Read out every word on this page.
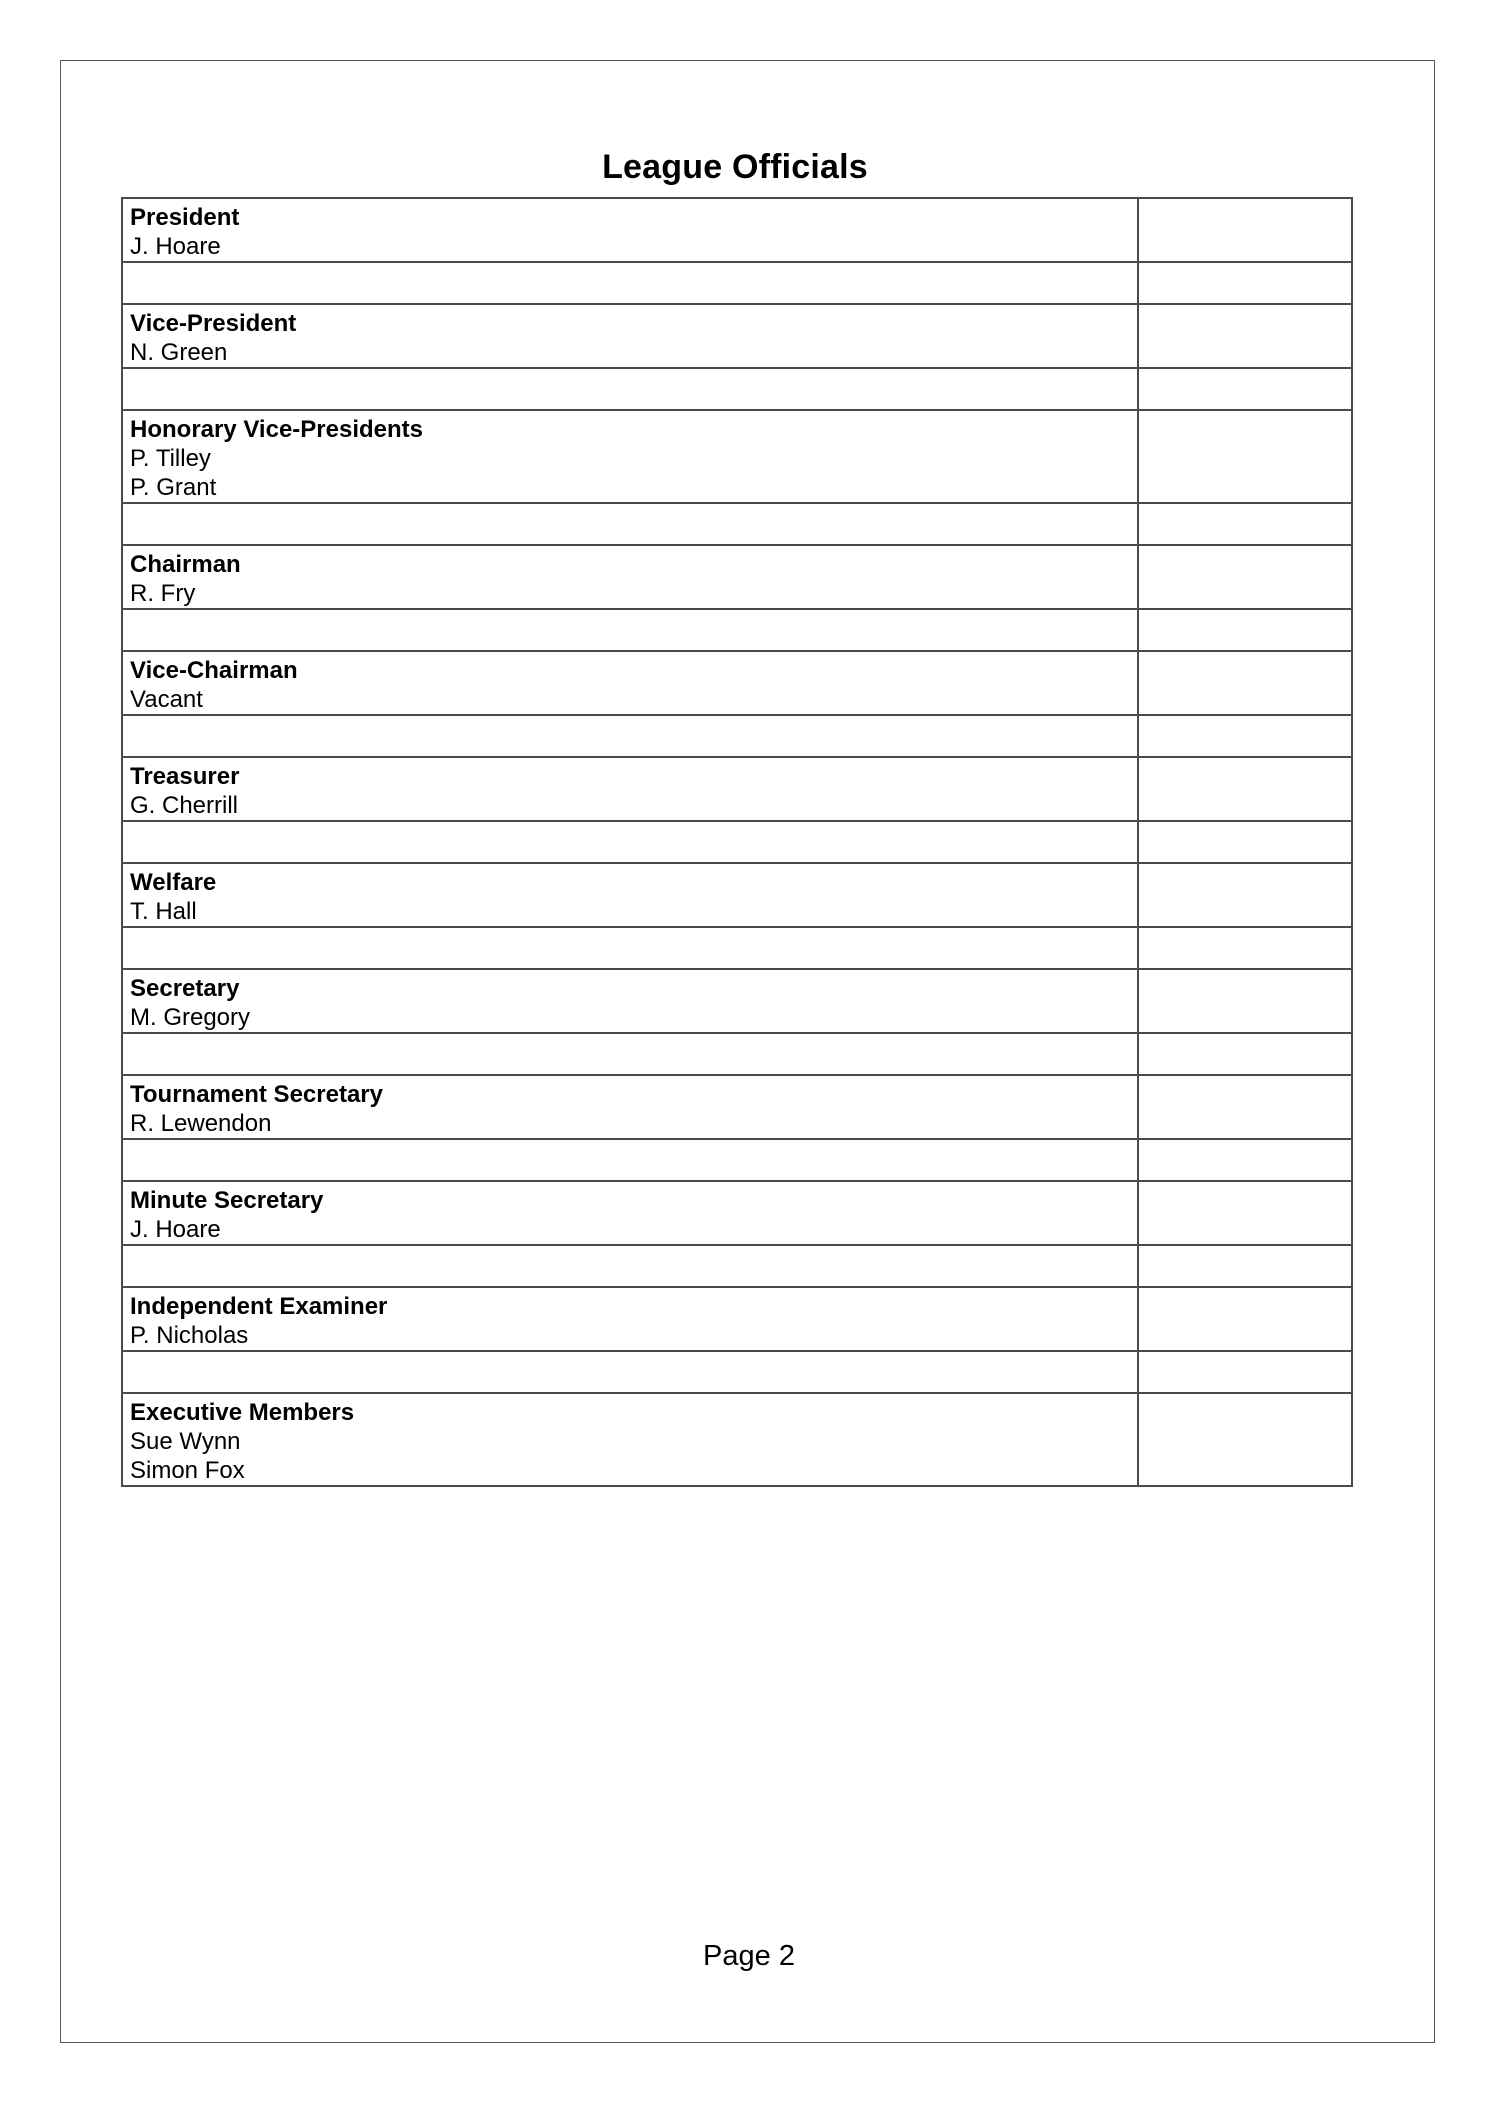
League Officials
President
J. Hoare	

Vice-President
N. Green	

Honorary Vice-Presidents
P. Tilley
P. Grant	

Chairman
R. Fry	

Vice-Chairman
Vacant	

Treasurer
G. Cherrill	

Welfare
T. Hall	

Secretary
M. Gregory	

Tournament Secretary
R. Lewendon	

Minute Secretary
J. Hoare	

Independent Examiner
P. Nicholas	

Executive Members
Sue Wynn
Simon Fox	

Page 2
